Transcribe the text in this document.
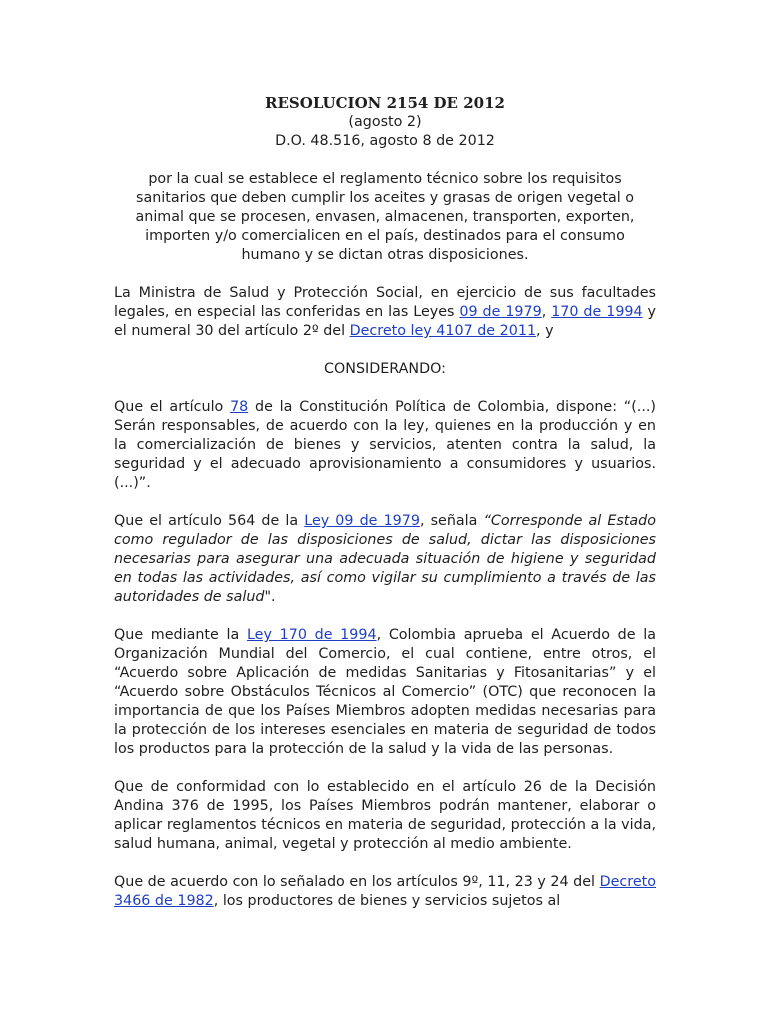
RESOLUCION 2154 DE 2012
(agosto 2)
D.O. 48.516, agosto 8 de 2012

por la cual se establece el reglamento técnico sobre los requisitos sanitarios que deben cumplir los aceites y grasas de origen vegetal o animal que se procesen, envasen, almacenen, transporten, exporten, importen y/o comercialicen en el país, destinados para el consumo humano y se dictan otras disposiciones.

La Ministra de Salud y Protección Social, en ejercicio de sus facultades legales, en especial las conferidas en las Leyes 09 de 1979, 170 de 1994 y el numeral 30 del artículo 2º del Decreto ley 4107 de 2011, y

CONSIDERANDO:

Que el artículo 78 de la Constitución Política de Colombia, dispone: “(...) Serán responsables, de acuerdo con la ley, quienes en la producción y en la comercialización de bienes y servicios, atenten contra la salud, la seguridad y el adecuado aprovisionamiento a consumidores y usuarios. (...)”.

Que el artículo 564 de la Ley 09 de 1979, señala “Corresponde al Estado como regulador de las disposiciones de salud, dictar las disposiciones necesarias para asegurar una adecuada situación de higiene y seguridad en todas las actividades, así como vigilar su cumplimiento a través de las autoridades de salud".

Que mediante la Ley 170 de 1994, Colombia aprueba el Acuerdo de la Organización Mundial del Comercio, el cual contiene, entre otros, el “Acuerdo sobre Aplicación de medidas Sanitarias y Fitosanitarias” y el “Acuerdo sobre Obstáculos Técnicos al Comercio” (OTC) que reconocen la importancia de que los Países Miembros adopten medidas necesarias para la protección de los intereses esenciales en materia de seguridad de todos los productos para la protección de la salud y la vida de las personas.

Que de conformidad con lo establecido en el artículo 26 de la Decisión Andina 376 de 1995, los Países Miembros podrán mantener, elaborar o aplicar reglamentos técnicos en materia de seguridad, protección a la vida, salud humana, animal, vegetal y protección al medio ambiente.

Que de acuerdo con lo señalado en los artículos 9º, 11, 23 y 24 del Decreto 3466 de 1982, los productores de bienes y servicios sujetos al
